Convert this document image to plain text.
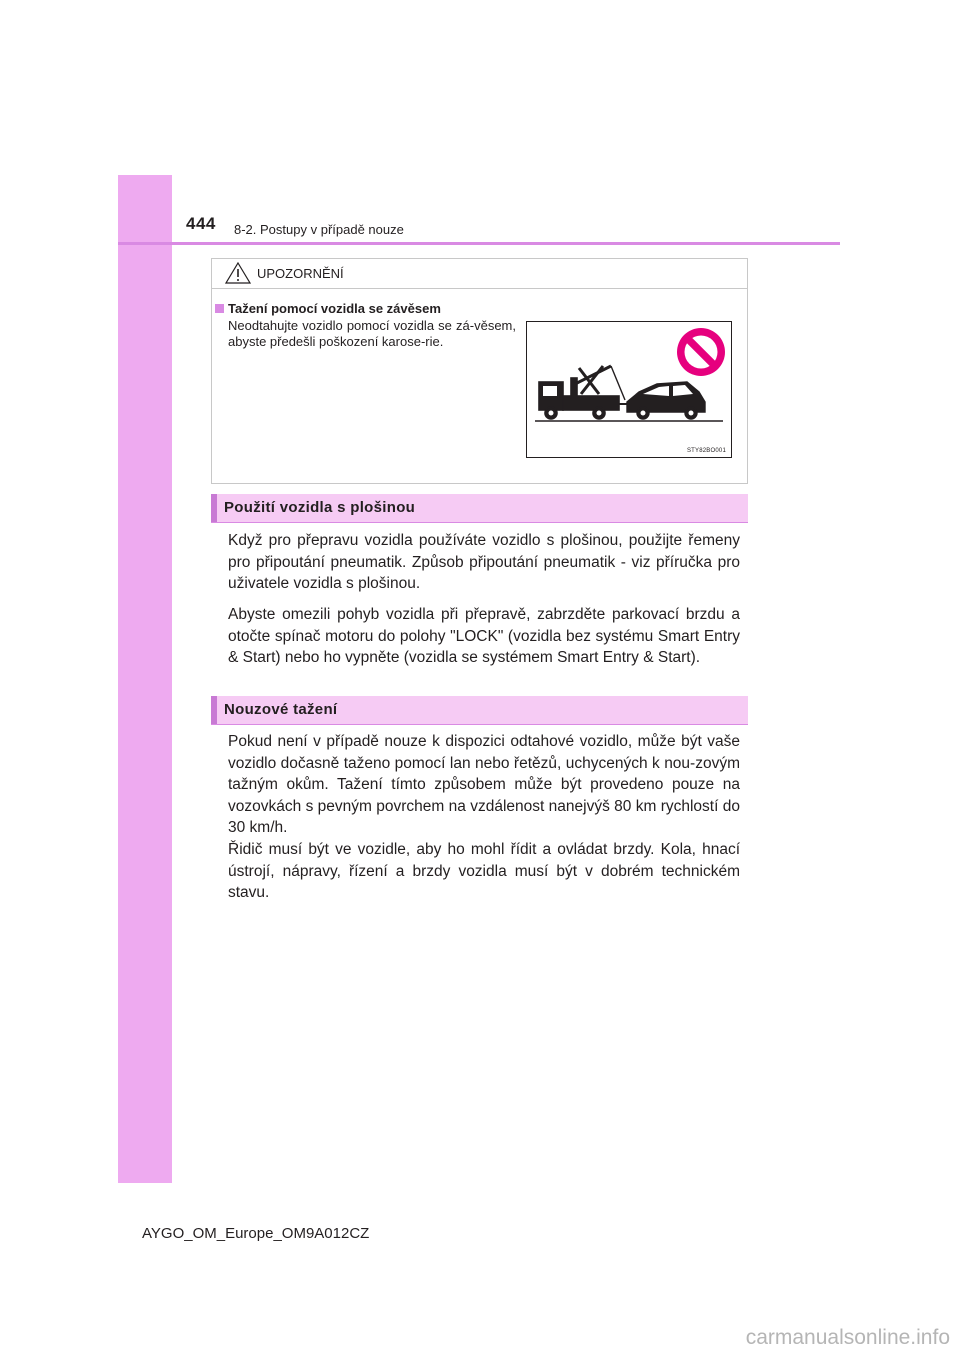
444 8-2. Postupy v případě nouze
UPOZORNĚNÍ
Tažení pomocí vozidla se závěsem
Neodtahujte vozidlo pomocí vozidla se zá-věsem, abyste předešli poškození karose-rie.
STY82BO001
Použití vozidla s plošinou

Když pro přepravu vozidla používáte vozidlo s plošinou, použijte řemeny pro připoutání pneumatik. Způsob připoutání pneumatik - viz příručka pro uživatele vozidla s plošinou.

Abyste omezili pohyb vozidla při přepravě, zabrzděte parkovací brzdu a otočte spínač motoru do polohy "LOCK" (vozidla bez systému Smart Entry & Start) nebo ho vypněte (vozidla se systémem Smart Entry & Start).

Nouzové tažení

Pokud není v případě nouze k dispozici odtahové vozidlo, může být vaše vozidlo dočasně taženo pomocí lan nebo řetězů, uchycených k nou-zovým tažným okům. Tažení tímto způsobem může být provedeno pouze na vozovkách s pevným povrchem na vzdálenost nanejvýš 80 km rychlostí do 30 km/h.

Řidič musí být ve vozidle, aby ho mohl řídit a ovládat brzdy. Kola, hnací ústrojí, nápravy, řízení a brzdy vozidla musí být v dobrém technickém stavu.

AYGO_OM_Europe_OM9A012CZ
carmanualsonline.info
